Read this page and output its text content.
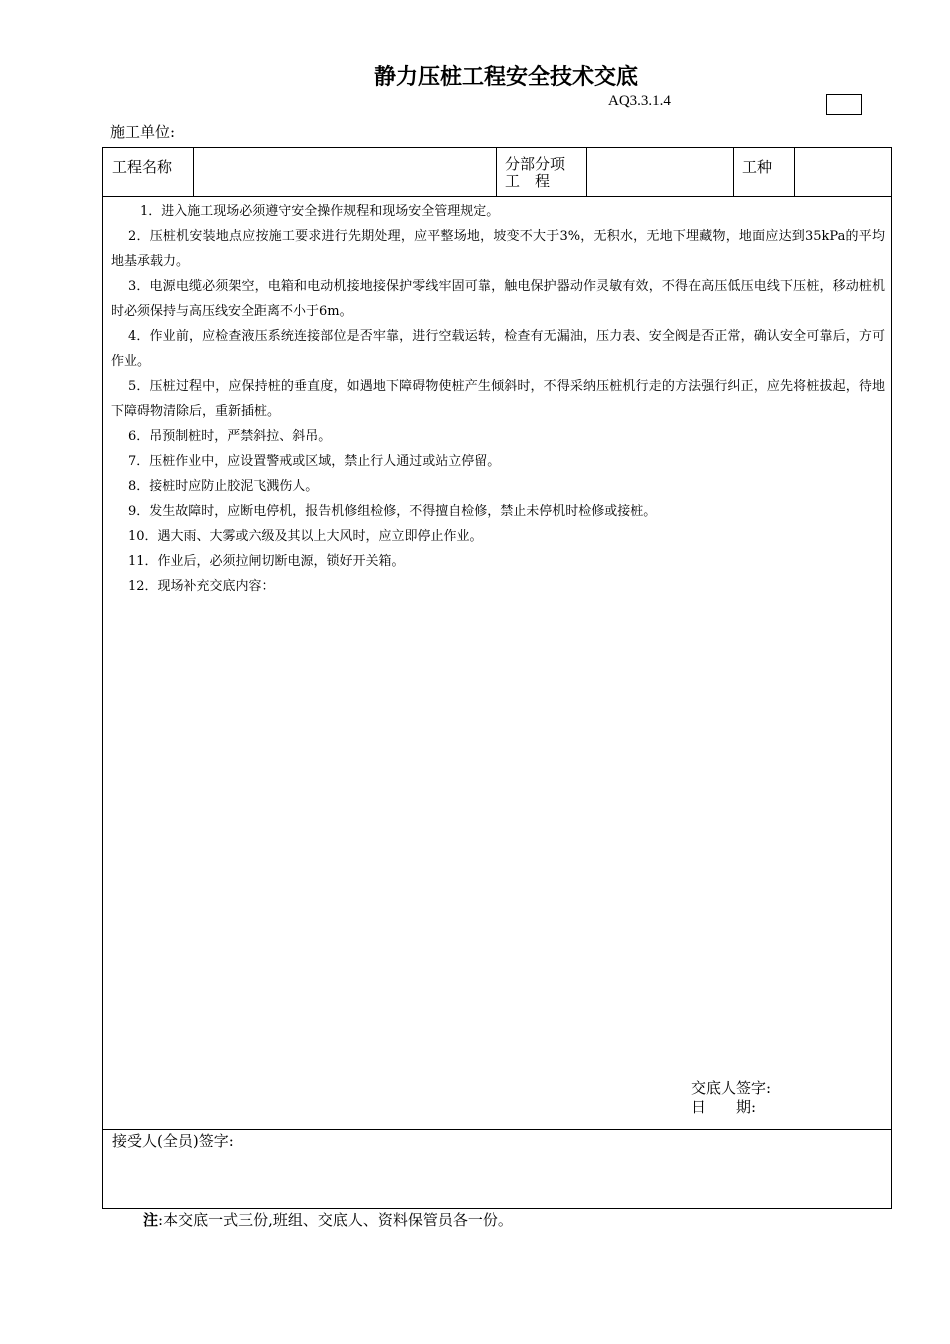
静力压桩工程安全技术交底
AQ3.3.1.4
施工单位:
工程名称	分部分项
工　程
工种

1．进入施工现场必须遵守安全操作规程和现场安全管理规定。

2．压桩机安装地点应按施工要求进行先期处理，应平整场地，坡变不大于3%，无积水，无地下埋藏物，地面应达到35kPa的平均地基承载力。

3．电源电缆必须架空，电箱和电动机接地接保护零线牢固可靠，触电保护器动作灵敏有效，不得在高压低压电线下压桩，移动桩机时必须保持与高压线安全距离不小于6m。

4．作业前，应检查液压系统连接部位是否牢靠，进行空载运转，检查有无漏油，压力表、安全阀是否正常，确认安全可靠后，方可作业。

5．压桩过程中，应保持桩的垂直度，如遇地下障碍物使桩产生倾斜时，不得采纳压桩机行走的方法强行纠正，应先将桩拔起，待地下障碍物清除后，重新插桩。

6．吊预制桩时，严禁斜拉、斜吊。

7．压桩作业中，应设置警戒或区域，禁止行人通过或站立停留。

8．接桩时应防止胶泥飞溅伤人。

9．发生故障时，应断电停机，报告机修组检修，不得擅自检修，禁止未停机时检修或接桩。

10．遇大雨、大雾或六级及其以上大风时，应立即停止作业。

11．作业后，必须拉闸切断电源，锁好开关箱。

12．现场补充交底内容：

交底人签字:
日　　期:
接受人(全员)签字:
注:本交底一式三份,班组、交底人、资料保管员各一份。
